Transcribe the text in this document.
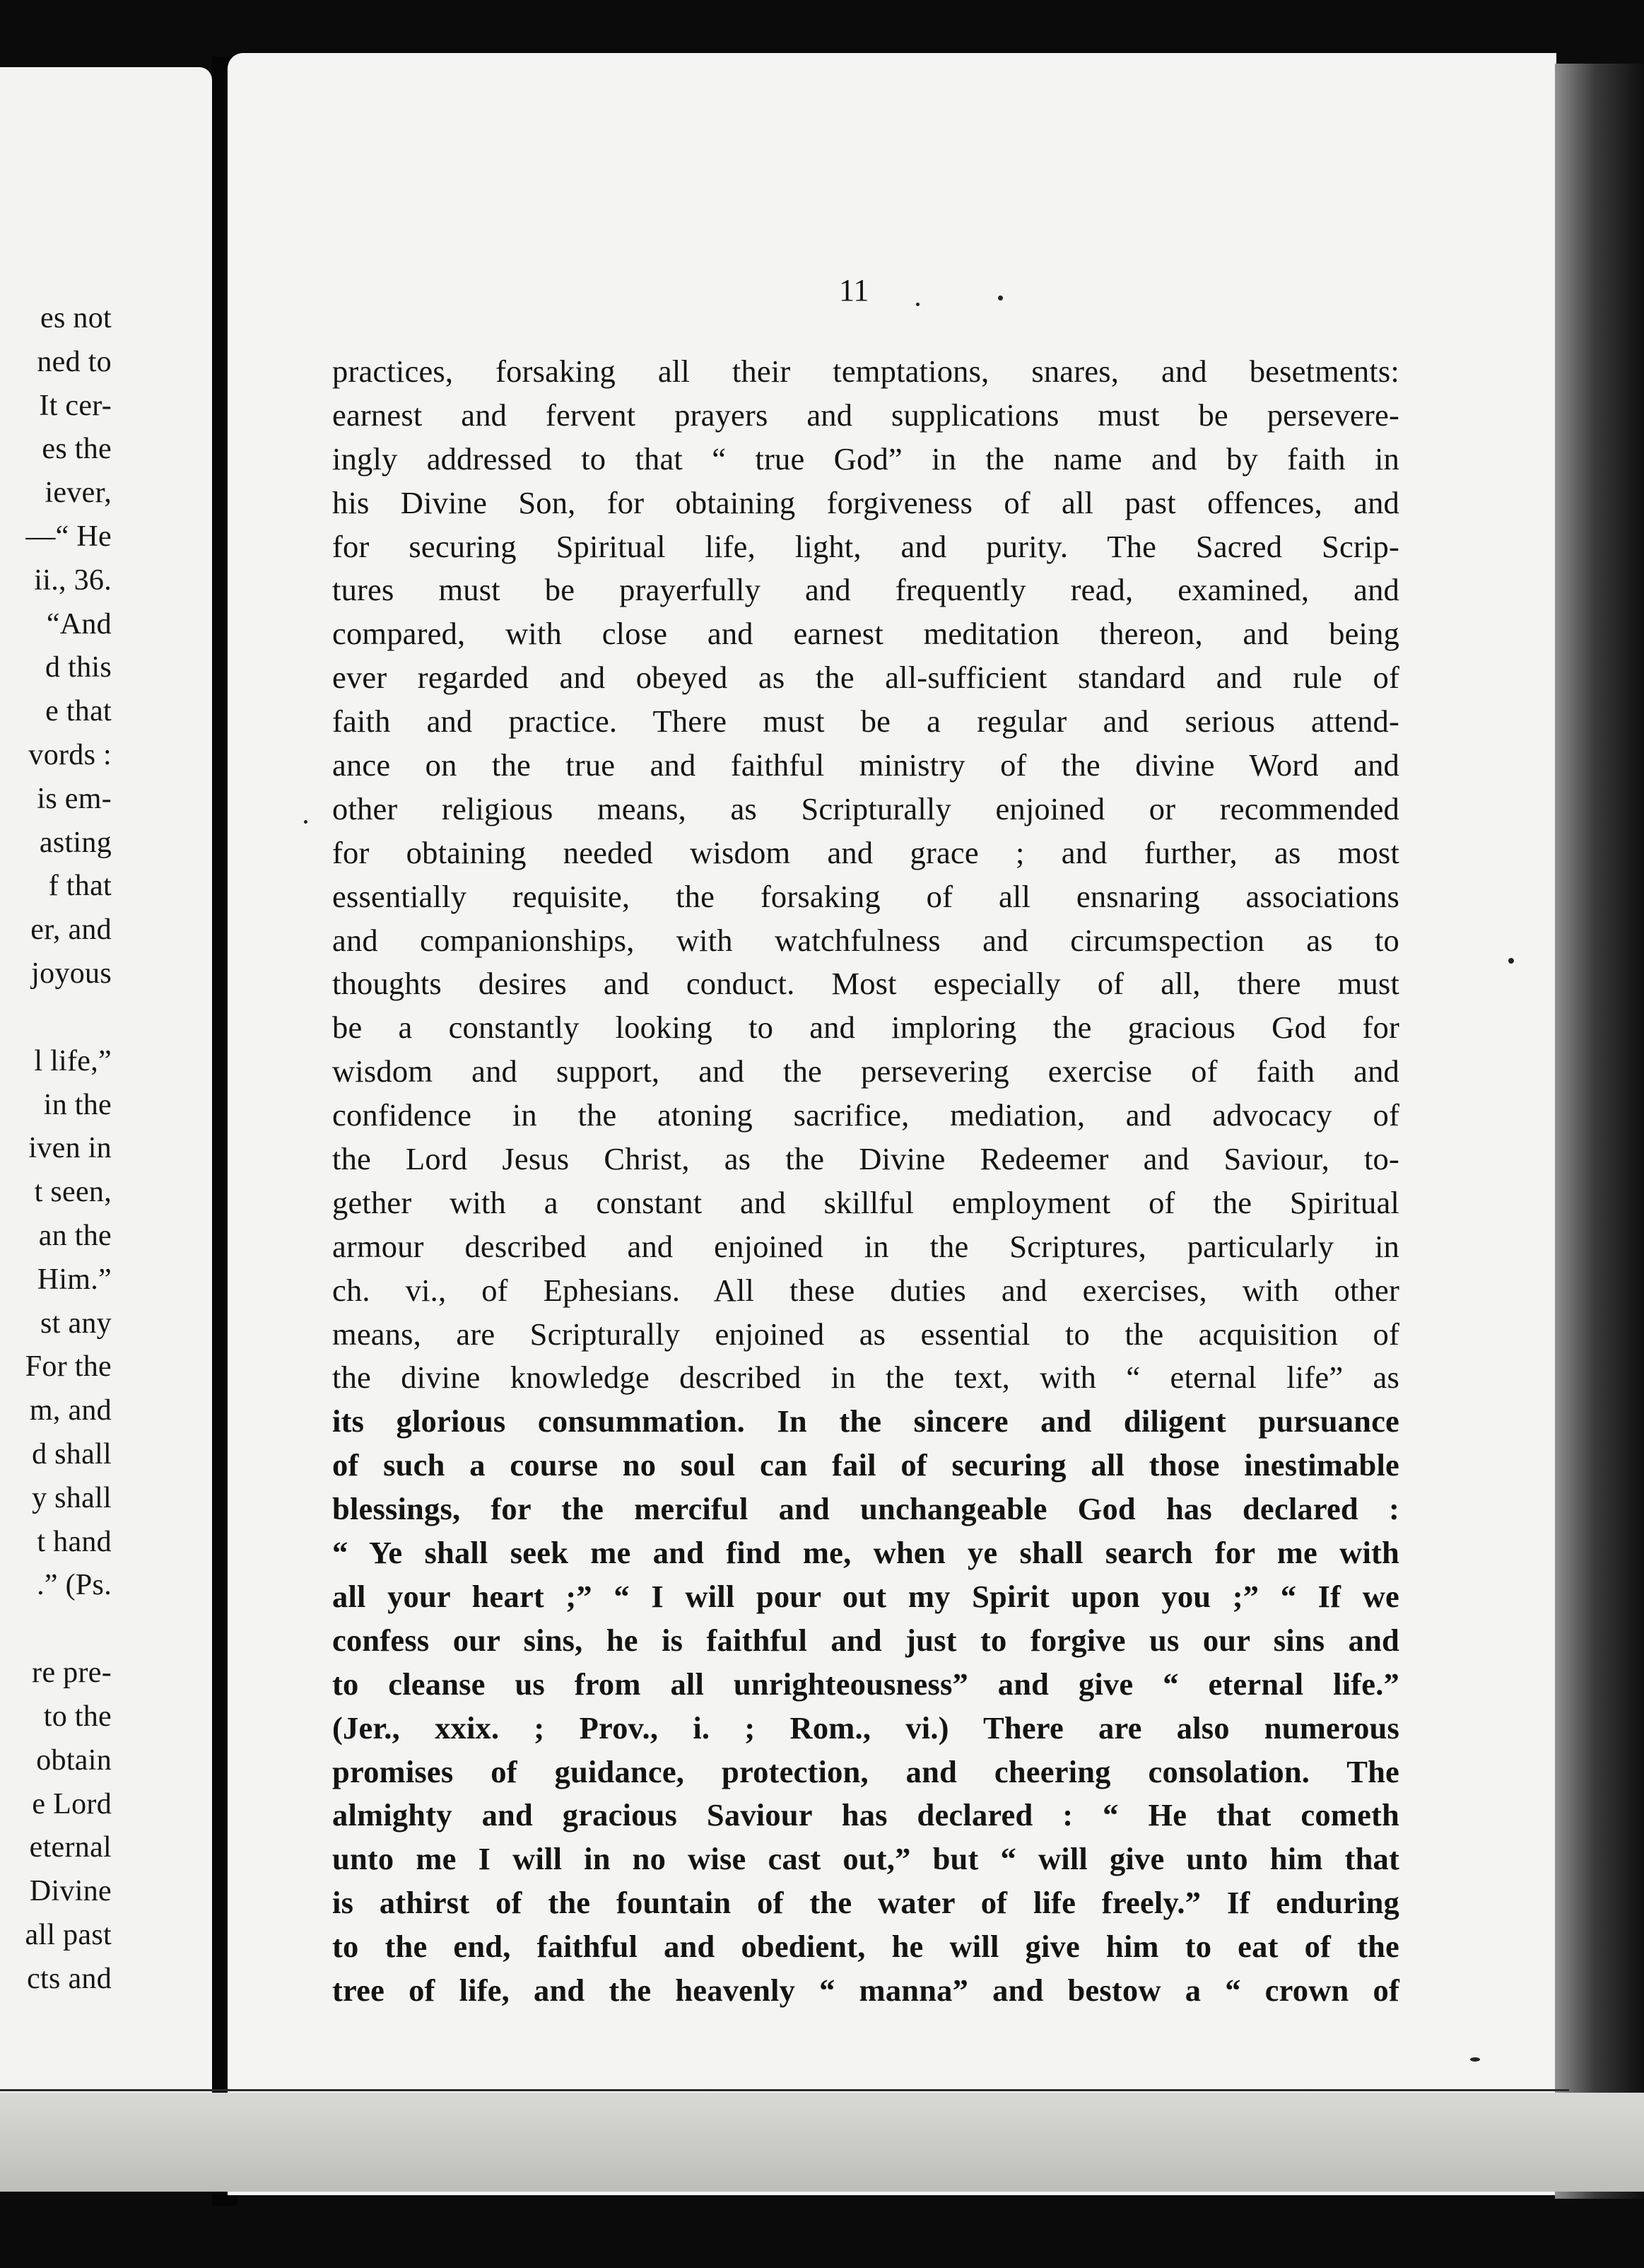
es not
ned to
It cer-
es the
iever,
—“ He
ii., 36.
“And
d this
e that
vords :
is em-
asting
f that
er, and
joyous
l life,”
in the
iven in
t seen,
an the
Him.”
st any
For the
m, and
d shall
y shall
t hand
.” (Ps.
re pre-
to the
obtain
e Lord
eternal
Divine
all past
cts and
11
practices, forsaking all their temptations, snares, and besetments:
earnest and fervent prayers and supplications must be persevere-
ingly addressed to that “ true God” in the name and by faith in
his Divine Son, for obtaining forgiveness of all past offences, and
for securing Spiritual life, light, and purity. The Sacred Scrip-
tures must be prayerfully and frequently read, examined, and
compared, with close and earnest meditation thereon, and being
ever regarded and obeyed as the all-sufficient standard and rule of
faith and practice. There must be a regular and serious attend-
ance on the true and faithful ministry of the divine Word and
other religious means, as Scripturally enjoined or recommended
for obtaining needed wisdom and grace ; and further, as most
essentially requisite, the forsaking of all ensnaring associations
and companionships, with watchfulness and circumspection as to
thoughts desires and conduct. Most especially of all, there must
be a constantly looking to and imploring the gracious God for
wisdom and support, and the persevering exercise of faith and
confidence in the atoning sacrifice, mediation, and advocacy of
the Lord Jesus Christ, as the Divine Redeemer and Saviour, to-
gether with a constant and skillful employment of the Spiritual
armour described and enjoined in the Scriptures, particularly in
ch. vi., of Ephesians. All these duties and exercises, with other
means, are Scripturally enjoined as essential to the acquisition of
the divine knowledge described in the text, with “ eternal life” as
its glorious consummation. In the sincere and diligent pursuance
of such a course no soul can fail of securing all those inestimable
blessings, for the merciful and unchangeable God has declared :
“ Ye shall seek me and find me, when ye shall search for me with
all your heart ;” “ I will pour out my Spirit upon you ;” “ If we
confess our sins, he is faithful and just to forgive us our sins and
to cleanse us from all unrighteousness” and give “ eternal life.”
(Jer., xxix. ; Prov., i. ; Rom., vi.) There are also numerous
promises of guidance, protection, and cheering consolation. The
almighty and gracious Saviour has declared : “ He that cometh
unto me I will in no wise cast out,” but “ will give unto him that
is athirst of the fountain of the water of life freely.” If enduring
to the end, faithful and obedient, he will give him to eat of the
tree of life, and the heavenly “ manna” and bestow a “ crown of
